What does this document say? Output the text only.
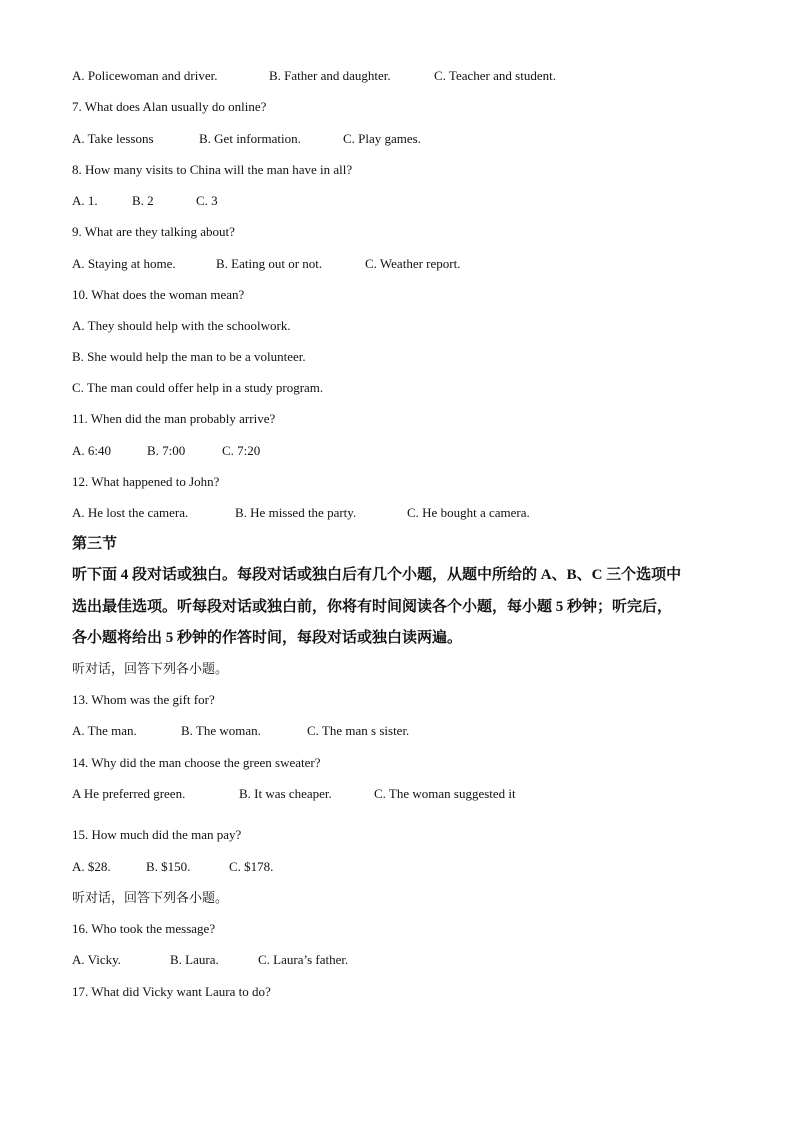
A. Policewoman and driver.	B. Father and daughter.	C. Teacher and student.
7. What does Alan usually do online?
A. Take lessons	B. Get information.	C. Play games.
8. How many visits to China will the man have in all?
A. 1.	B. 2	C. 3
9. What are they talking about?
A. Staying at home.	B. Eating out or not.	C. Weather report.
10. What does the woman mean?
A. They should help with the schoolwork.
B. She would help the man to be a volunteer.
C. The man could offer help in a study program.
11. When did the man probably arrive?
A. 6:40	B. 7:00	C. 7:20
12. What happened to John?
A. He lost the camera.	B. He missed the party.	C. He bought a camera.
第三节
听下面 4 段对话或独白。每段对话或独白后有几个小题，从题中所给的 A、B、C 三个选项中
选出最佳选项。听每段对话或独白前，你将有时间阅读各个小题，每小题 5 秒钟；听完后，
各小题将给出 5 秒钟的作答时间，每段对话或独白读两遍。
听对话，回答下列各小题。
13. Whom was the gift for?
A. The man.	B. The woman.	C. The man s sister.
14. Why did the man choose the green sweater?
A He preferred green.	B. It was cheaper.	C. The woman suggested it
15. How much did the man pay?
A. $28.	B. $150.	C. $178.
听对话，回答下列各小题。
16. Who took the message?
A. Vicky.	B. Laura.	C. Laura’s father.
17. What did Vicky want Laura to do?
